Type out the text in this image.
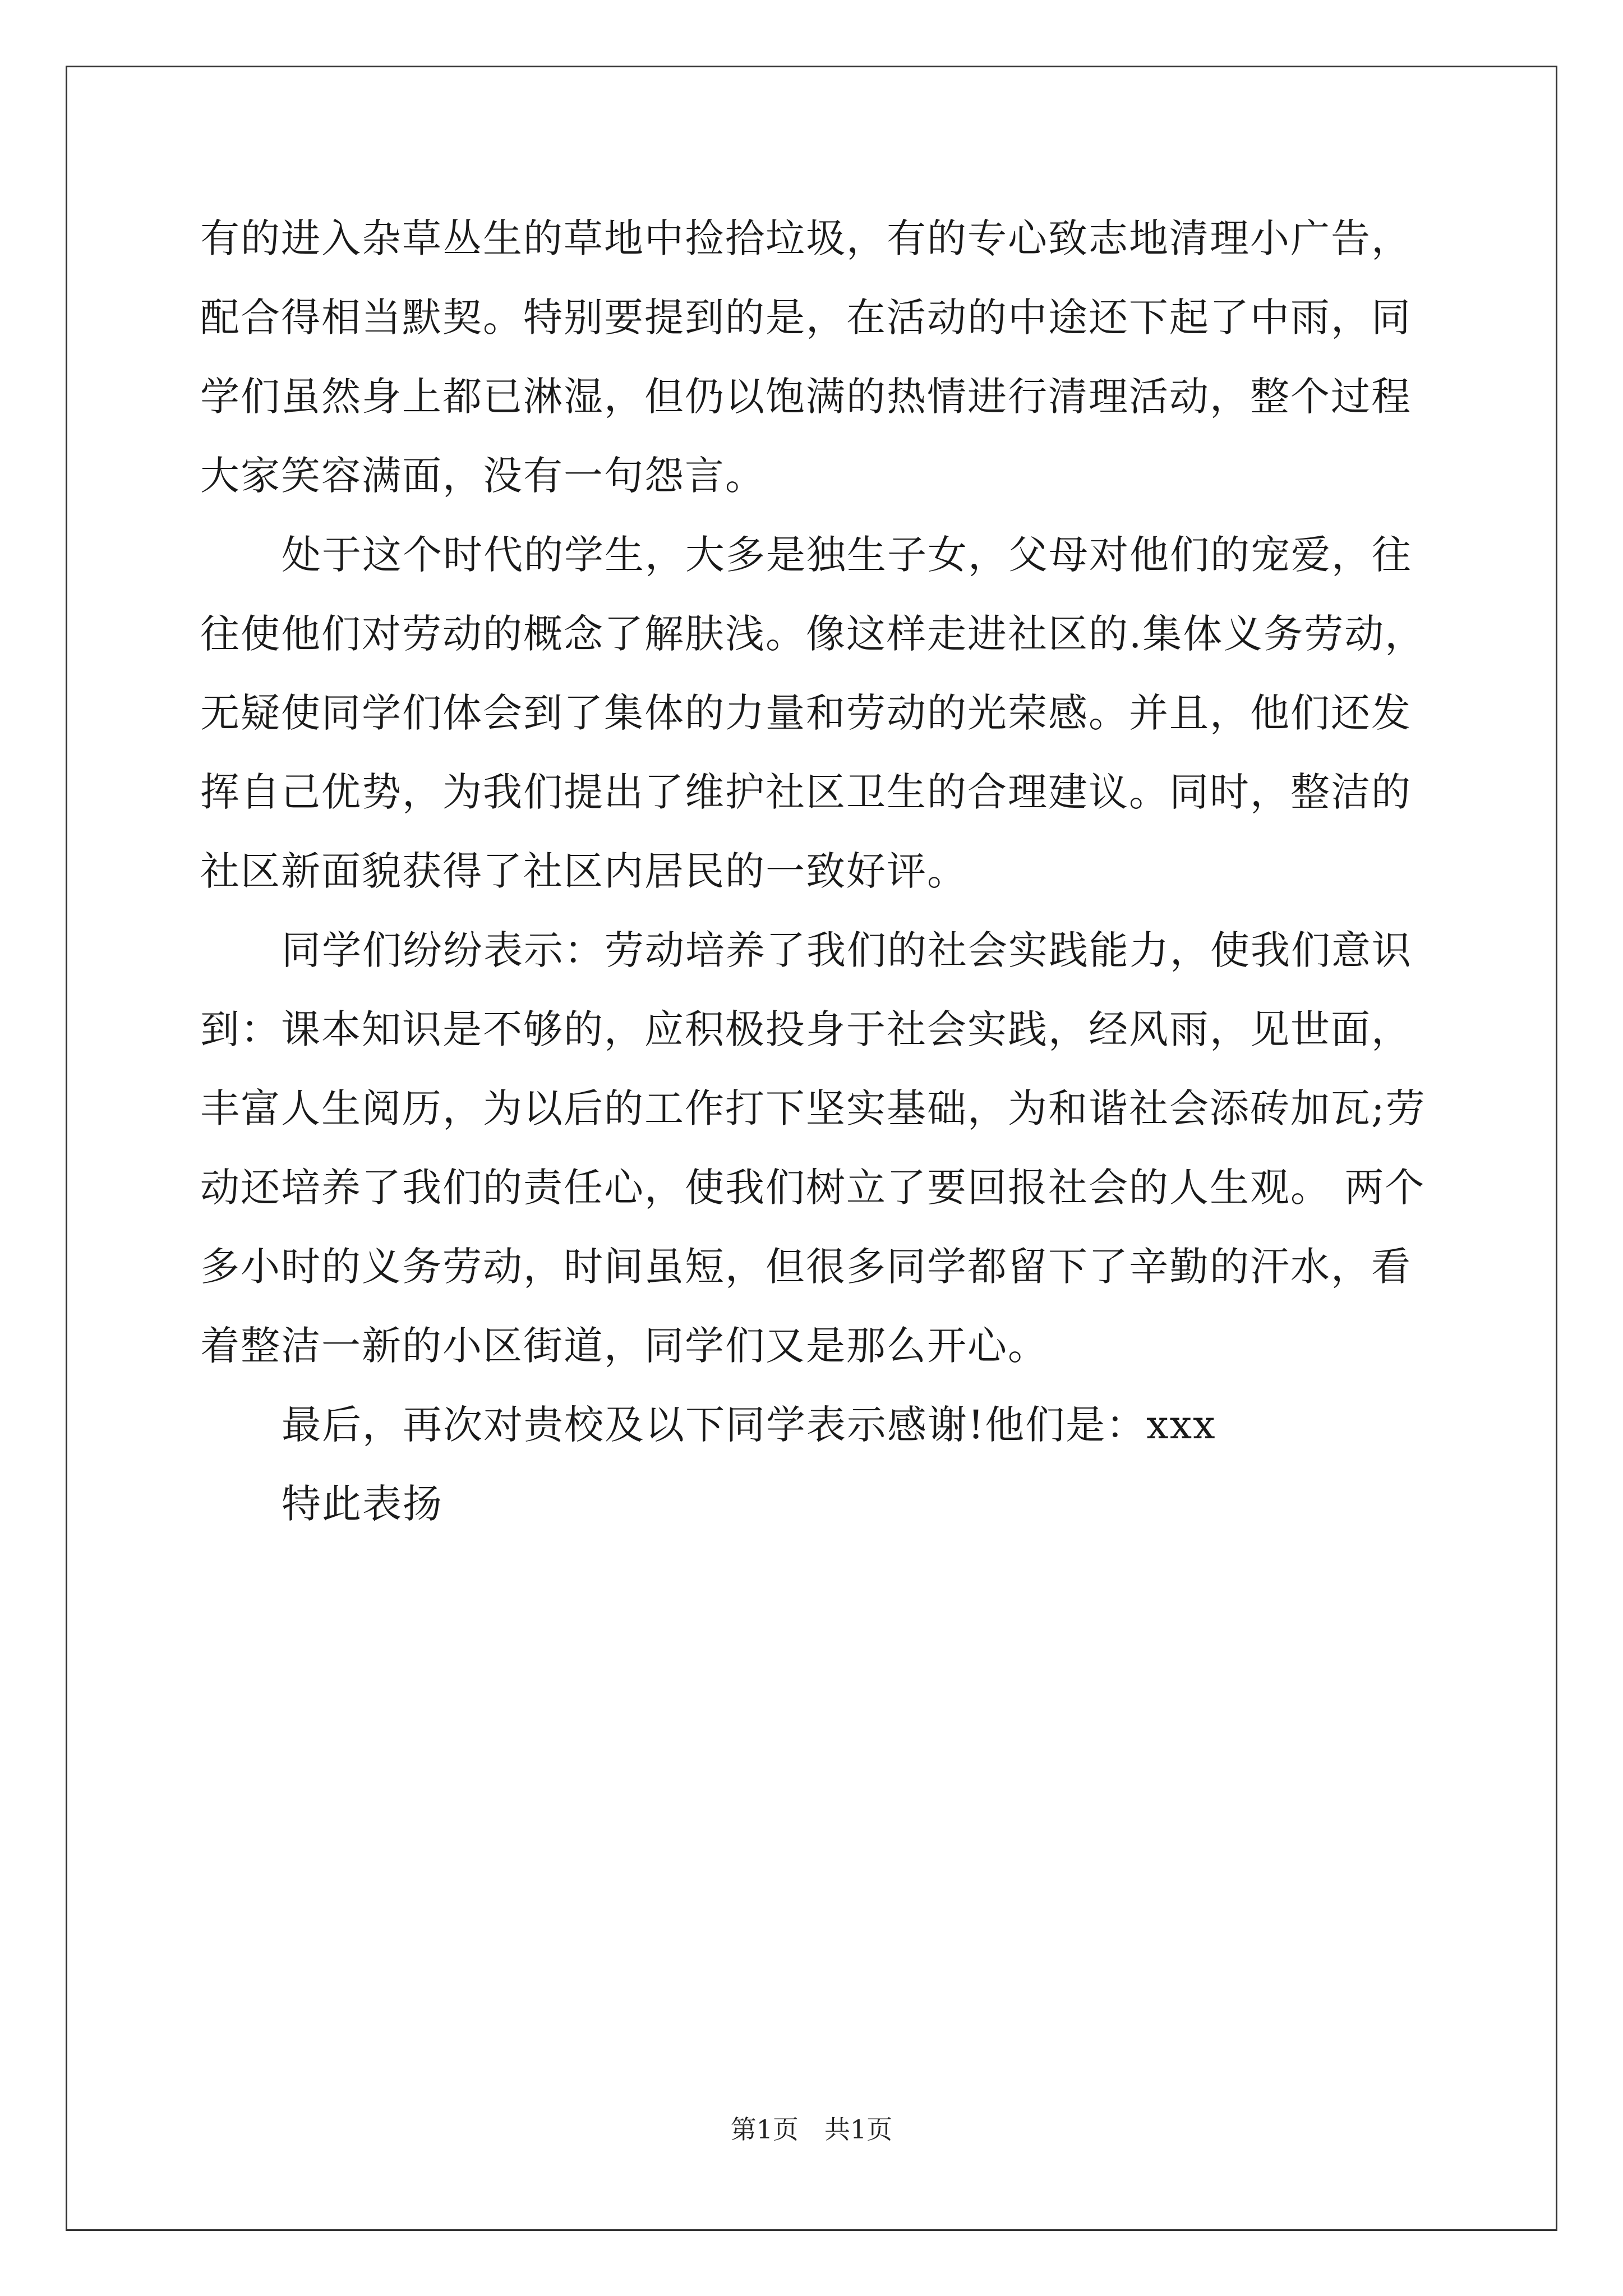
有的进入杂草丛生的草地中捡拾垃圾，有的专心致志地清理小广告，
配合得相当默契。特别要提到的是，在活动的中途还下起了中雨，同
学们虽然身上都已淋湿，但仍以饱满的热情进行清理活动，整个过程
大家笑容满面，没有一句怨言。
处于这个时代的学生，大多是独生子女，父母对他们的宠爱，往
往使他们对劳动的概念了解肤浅。像这样走进社区的.集体义务劳动，
无疑使同学们体会到了集体的力量和劳动的光荣感。并且，他们还发
挥自己优势，为我们提出了维护社区卫生的合理建议。同时，整洁的
社区新面貌获得了社区内居民的一致好评。
同学们纷纷表示：劳动培养了我们的社会实践能力，使我们意识
到：课本知识是不够的，应积极投身于社会实践，经风雨，见世面，
丰富人生阅历，为以后的工作打下坚实基础，为和谐社会添砖加瓦;劳
动还培养了我们的责任心，使我们树立了要回报社会的人生观。 两个
多小时的义务劳动，时间虽短，但很多同学都留下了辛勤的汗水，看
着整洁一新的小区街道，同学们又是那么开心。
最后，再次对贵校及以下同学表示感谢!他们是：xxx
特此表扬
第1页 共1页
